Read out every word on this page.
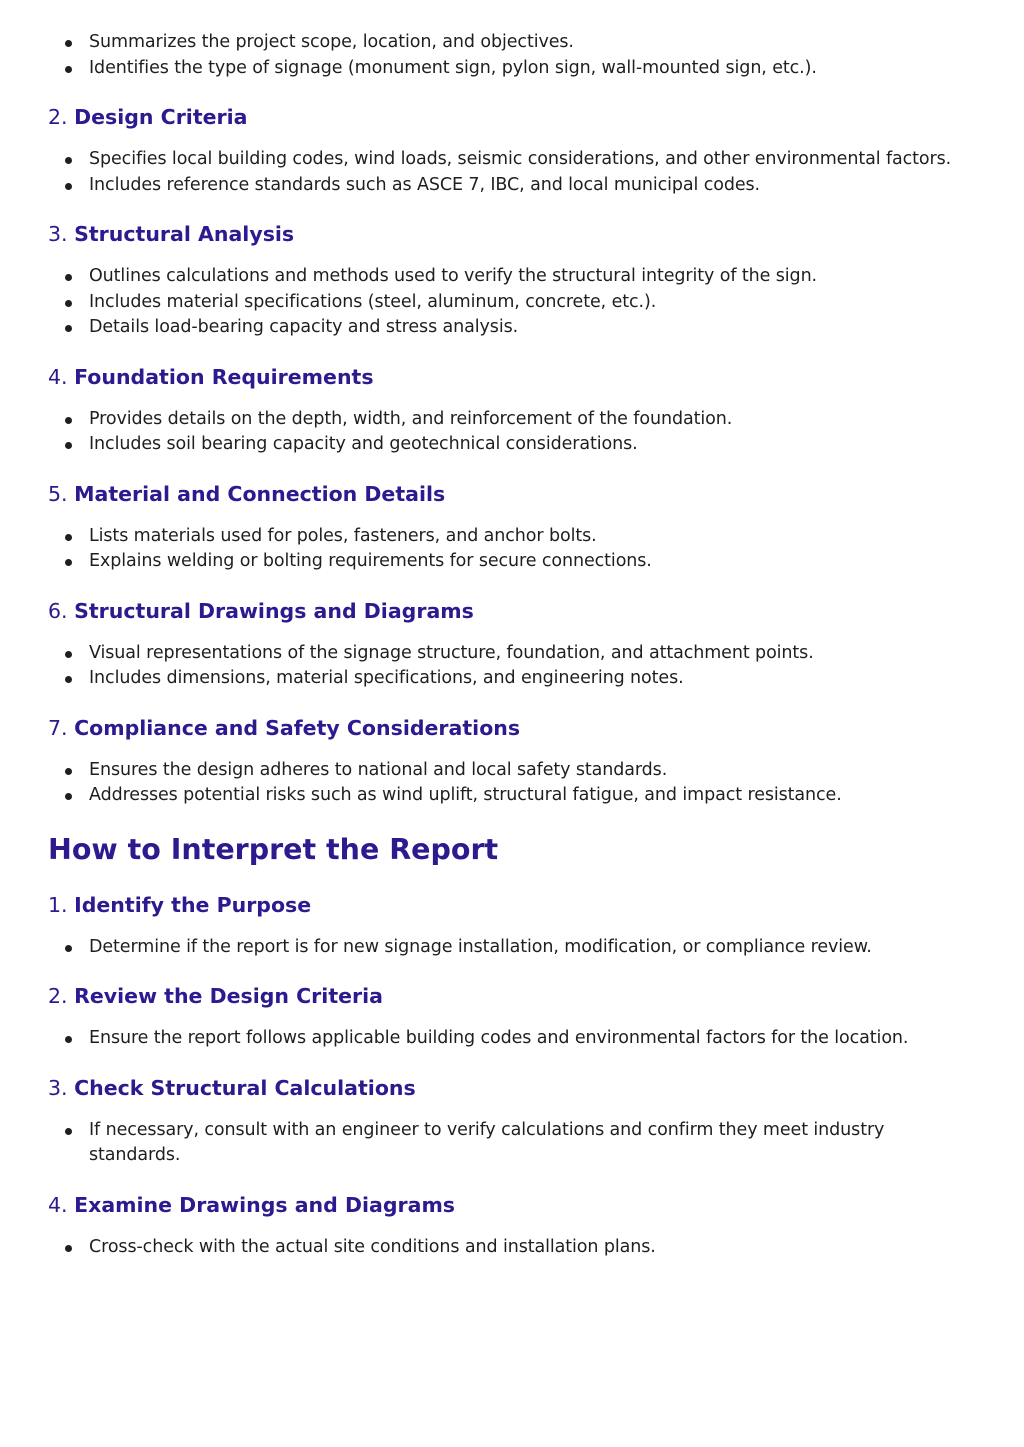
Summarizes the project scope, location, and objectives.
Identifies the type of signage (monument sign, pylon sign, wall-mounted sign, etc.).
2. Design Criteria
Specifies local building codes, wind loads, seismic considerations, and other environmental factors.
Includes reference standards such as ASCE 7, IBC, and local municipal codes.
3. Structural Analysis
Outlines calculations and methods used to verify the structural integrity of the sign.
Includes material specifications (steel, aluminum, concrete, etc.).
Details load-bearing capacity and stress analysis.
4. Foundation Requirements
Provides details on the depth, width, and reinforcement of the foundation.
Includes soil bearing capacity and geotechnical considerations.
5. Material and Connection Details
Lists materials used for poles, fasteners, and anchor bolts.
Explains welding or bolting requirements for secure connections.
6. Structural Drawings and Diagrams
Visual representations of the signage structure, foundation, and attachment points.
Includes dimensions, material specifications, and engineering notes.
7. Compliance and Safety Considerations
Ensures the design adheres to national and local safety standards.
Addresses potential risks such as wind uplift, structural fatigue, and impact resistance.
How to Interpret the Report
1. Identify the Purpose
Determine if the report is for new signage installation, modification, or compliance review.
2. Review the Design Criteria
Ensure the report follows applicable building codes and environmental factors for the location.
3. Check Structural Calculations
If necessary, consult with an engineer to verify calculations and confirm they meet industry standards.
4. Examine Drawings and Diagrams
Cross-check with the actual site conditions and installation plans.
